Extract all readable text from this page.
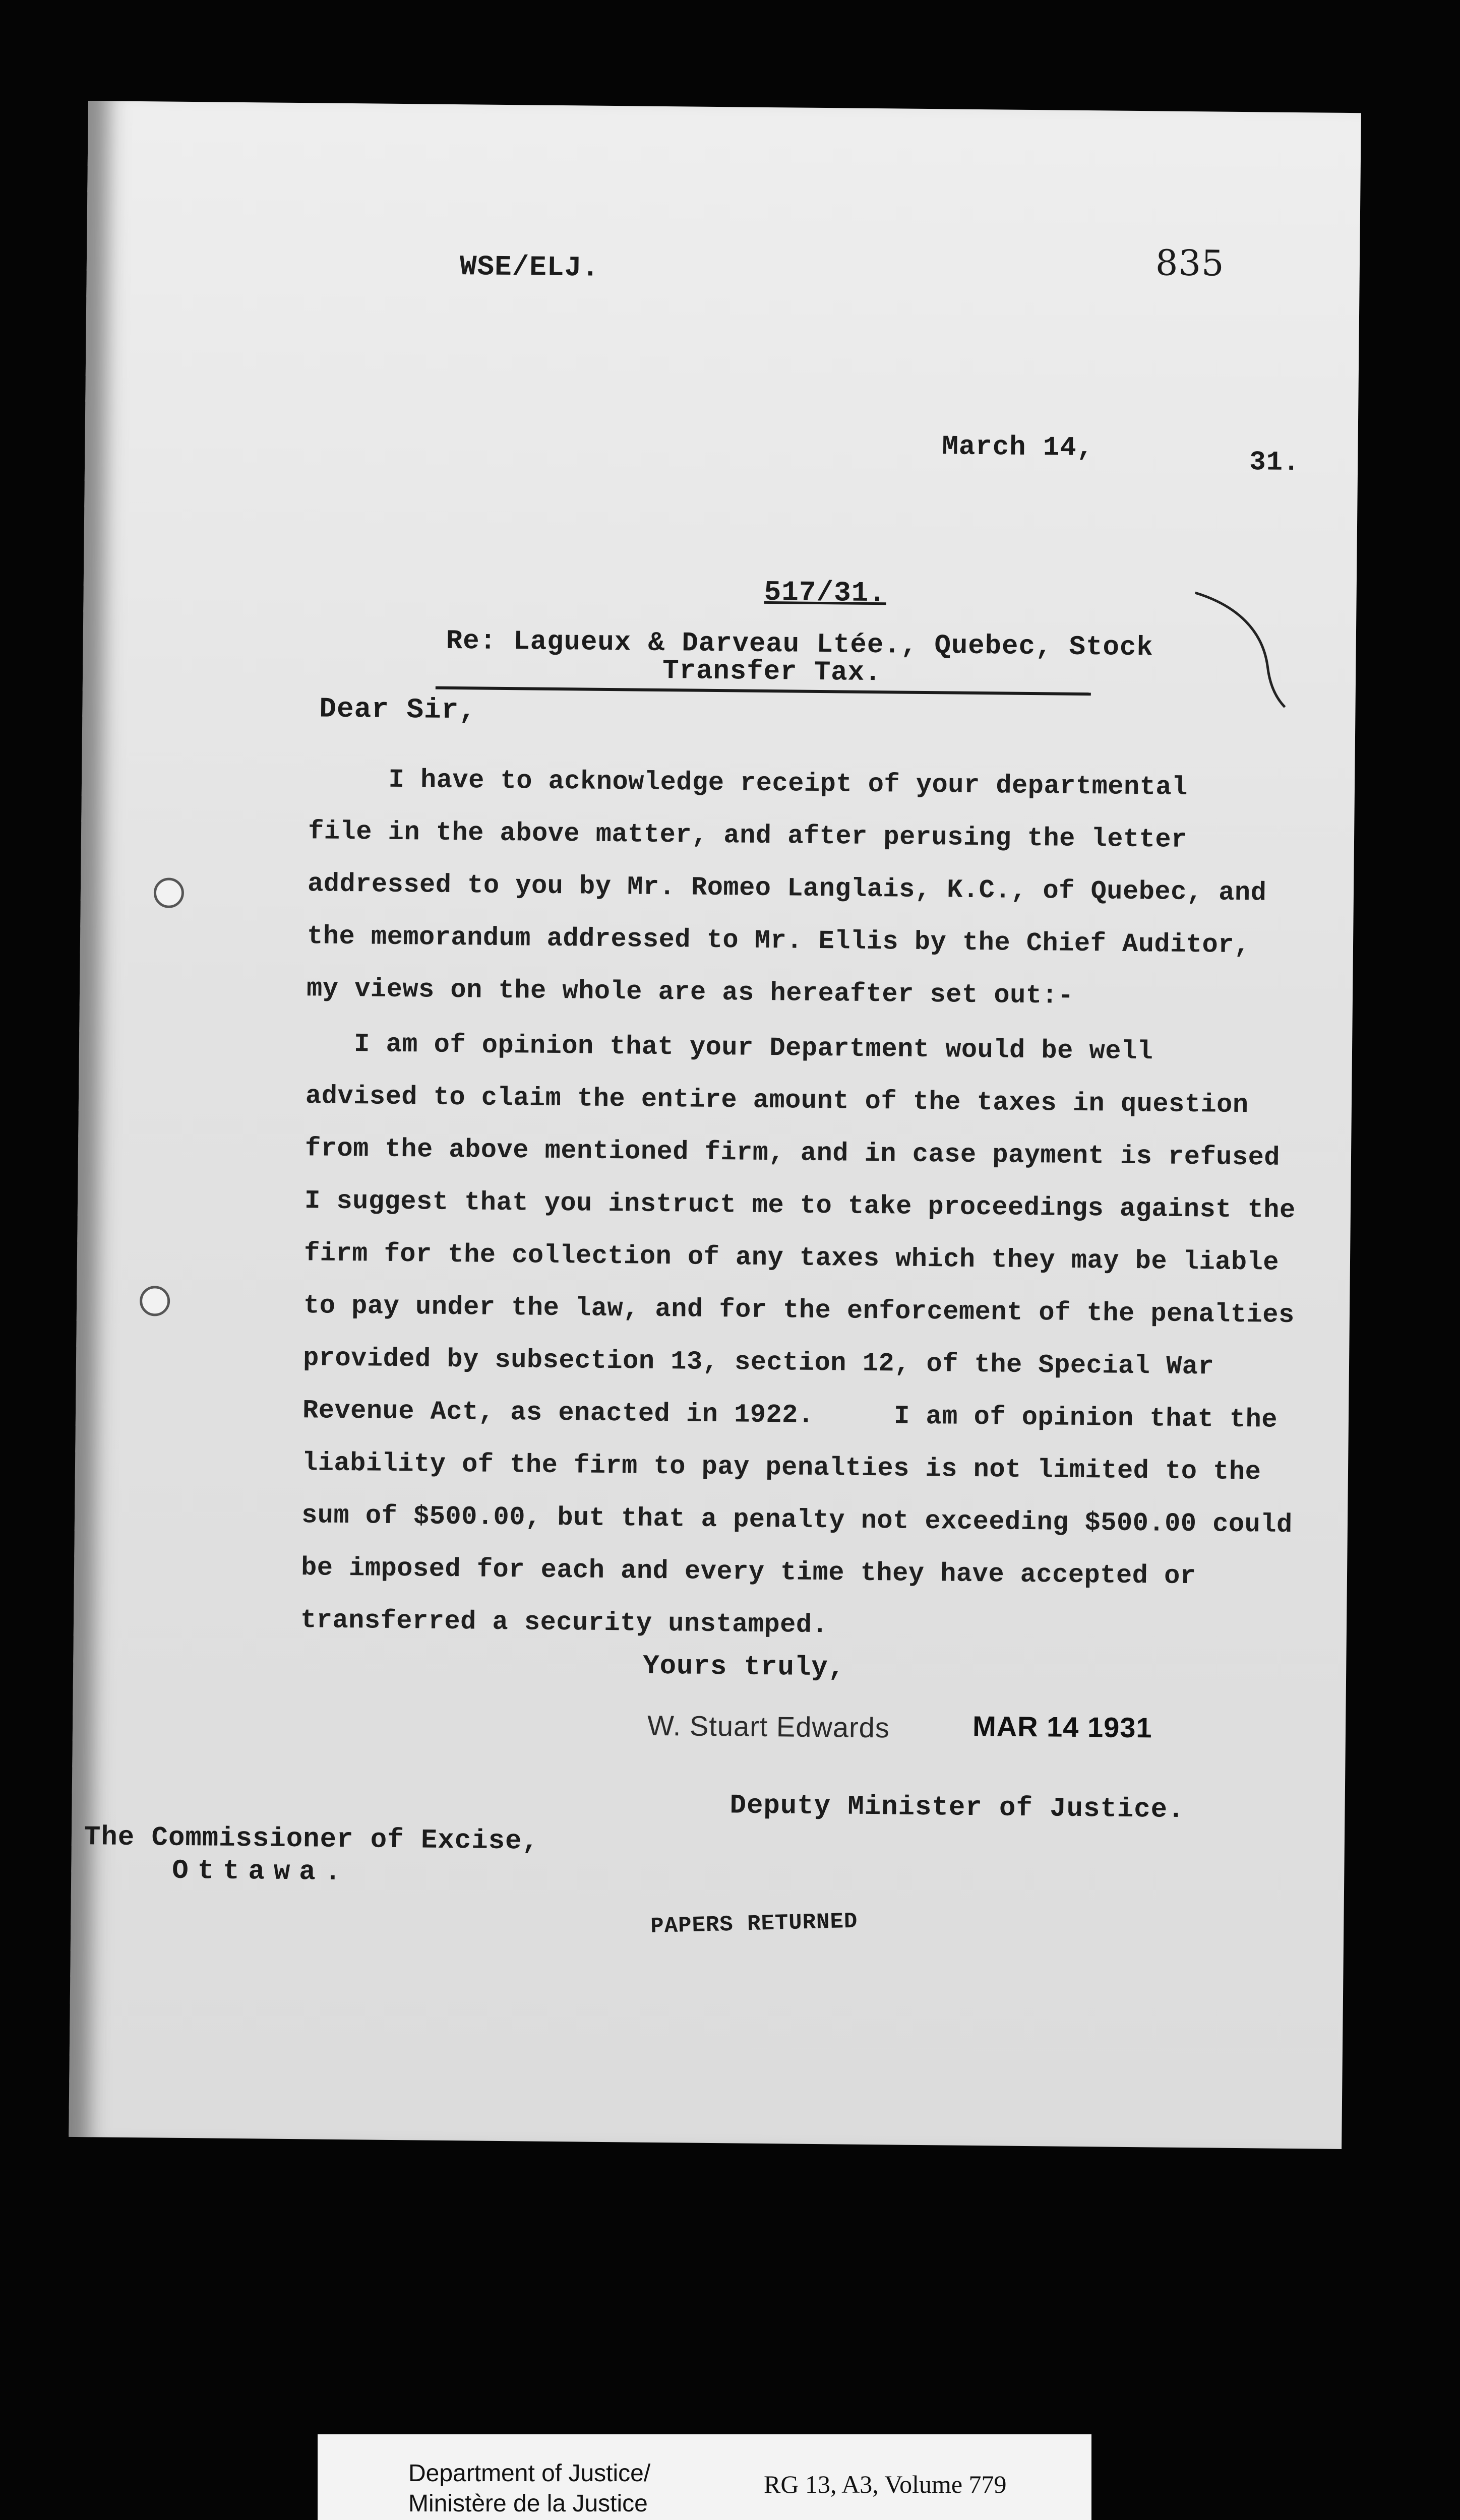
WSE/ELJ.	835
March 14,	31.
517/31.
Re: Lagueux & Darveau Ltée., Quebec, Stock
Transfer Tax.
Dear Sir,
I have to acknowledge receipt of your departmental
file in the above matter, and after perusing the letter
addressed to you by Mr. Romeo Langlais, K.C., of Quebec, and
the memorandum addressed to Mr. Ellis by the Chief Auditor,
my views on the whole are as hereafter set out:-
I am of opinion that your Department would be well
advised to claim the entire amount of the taxes in question
from the above mentioned firm, and in case payment is refused
I suggest that you instruct me to take proceedings against the
firm for the collection of any taxes which they may be liable
to pay under the law, and for the enforcement of the penalties
provided by subsection 13, section 12, of the Special War
Revenue Act, as enacted in 1922.     I am of opinion that the
liability of the firm to pay penalties is not limited to the
sum of $500.00, but that a penalty not exceeding $500.00 could
be imposed for each and every time they have accepted or
transferred a security unstamped.
Yours truly,
W. Stuart Edwards	MAR 14 1931
Deputy Minister of Justice.
The Commissioner of Excise,
Ottawa.
PAPERS RETURNED
Department of Justice/
Ministère de la Justice
RG 13, A3, Volume 779
